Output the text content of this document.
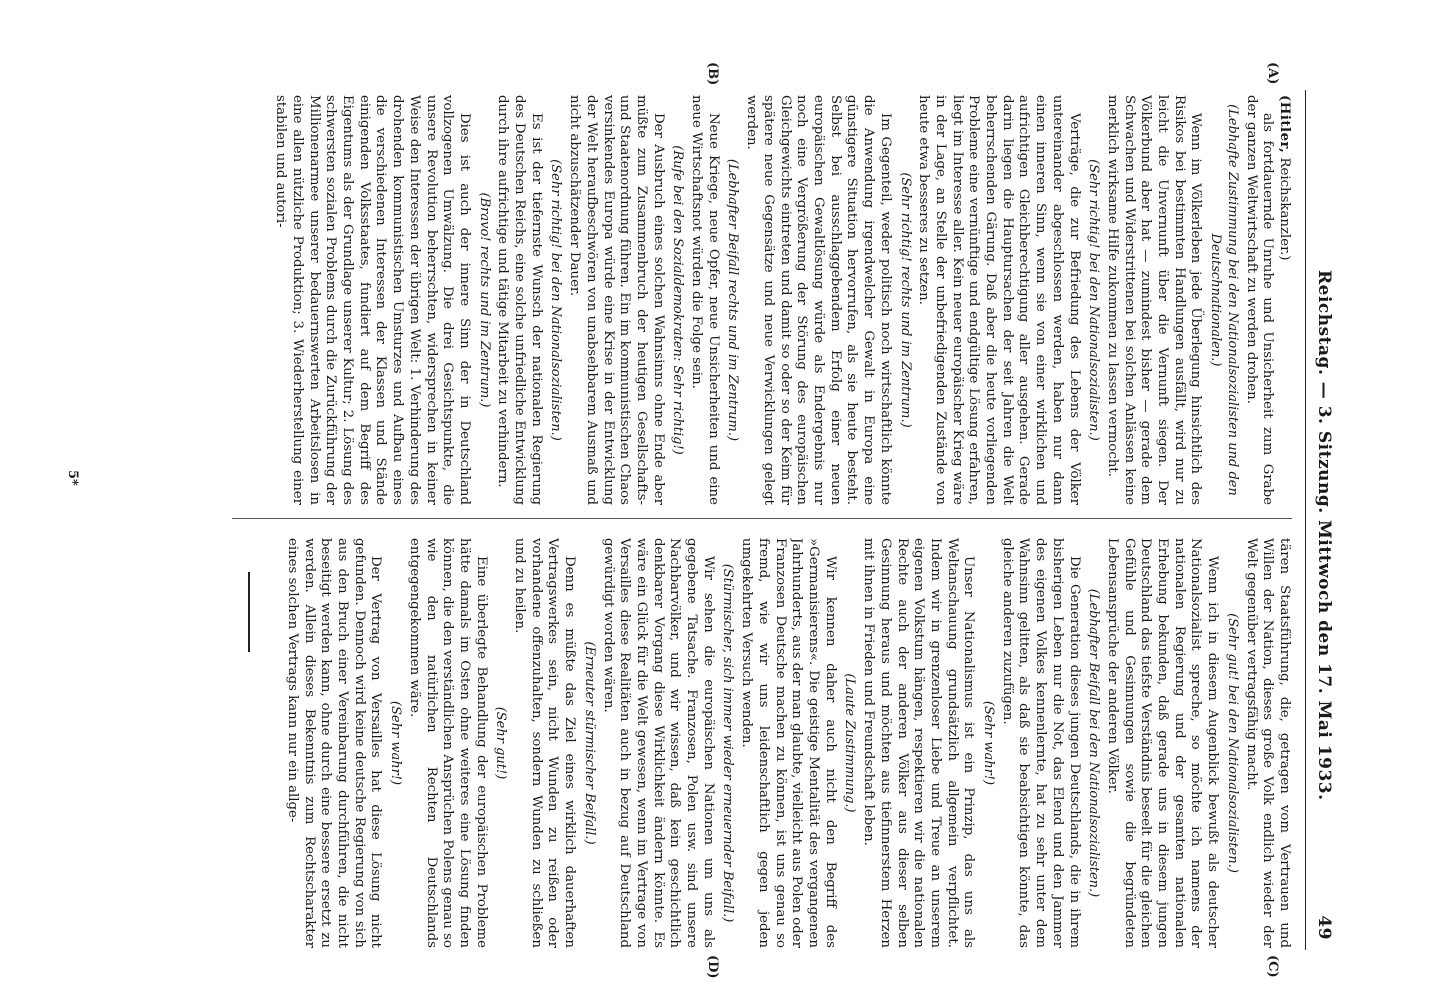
Reichstag. — 3. Sitzung. Mittwoch den 17. Mai 1933.
49
(A)
(B)
(C)
(D)

(Hitler, Reichskanzler.)

als fortdauernde Unruhe und Unsicherheit zum Grabe der ganzen Weltwirtschaft zu werden drohen.

(Lebhafte Zustimmung bei den Nationalsozialisten und den Deutschnationalen.)

Wenn im Völkerleben jede Überlegung hinsichtlich des Risikos bei bestimmten Handlungen ausfällt, wird nur zu leicht die Unvernunft über die Vernunft siegen. Der Völkerbund aber hat — zumindest bisher — gerade dem Schwachen und Widerstrittenen bei solchen Anlässen keine merklich wirksame Hilfe zukommen zu lassen vermocht.

(Sehr richtig! bei den Nationalsozialisten.)

Verträge, die zur Befriedung des Lebens der Völker untereinander abgeschlossen werden, haben nur dann einen inneren Sinn, wenn sie von einer wirklichen und aufrichtigen Gleichberechtigung aller ausgehen. Gerade darin liegen die Hauptursachen der seit Jahren die Welt beherrschenden Gärung. Daß aber die heute vorliegenden Probleme eine vernünftige und endgültige Lösung erfahren, liegt im Interesse aller. Kein neuer europäischer Krieg wäre in der Lage, an Stelle der unbefriedigenden Zustände von heute etwa besseres zu setzen.

(Sehr richtig! rechts und im Zentrum.)

Im Gegenteil, weder politisch noch wirtschaftlich könnte die Anwendung irgendwelcher Gewalt in Europa eine günstigere Situation hervorrufen, als sie heute besteht. Selbst bei ausschlaggebendem Erfolg einer neuen europäischen Gewaltlösung würde als Endergebnis nur noch eine Vergrößerung der Störung des europäischen Gleichgewichts eintreten und damit so oder so der Keim für spätere neue Gegensätze und neue Verwicklungen gelegt werden.

(Lebhafter Beifall rechts und im Zentrum.)

Neue Kriege, neue Opfer, neue Unsicherheiten und eine neue Wirtschaftsnot würden die Folge sein.

(Rufe bei den Sozialdemokraten: Sehr richtig!)

Der Ausbruch eines solchen Wahnsinns ohne Ende aber müßte zum Zusammenbruch der heutigen Gesellschafts- und Staatenordnung führen. Ein im kommunistischen Chaos versinkendes Europa würde eine Krise in der Entwicklung der Welt heraufbeschwören von unabsehbarem Ausmaß und nicht abzuschätzender Dauer.

(Sehr richtig! bei den Nationalsozialisten.)

Es ist der tiefernste Wunsch der nationalen Regierung des Deutschen Reichs, eine solche unfriedliche Entwicklung durch ihre aufrichtige und tätige Mitarbeit zu verhindern.

(Bravo! rechts und im Zentrum.)

Dies ist auch der innere Sinn der in Deutschland vollzogenen Umwälzung. Die drei Gesichtspunkte, die unsere Revolution beherrschten, widersprechen in keiner Weise den Interessen der übrigen Welt: 1. Verhinderung des drohenden kommunistischen Umsturzes und Aufbau eines die verschiedenen Interessen der Klassen und Stände einigenden Volksstaates, fundiert auf dem Begriff des Eigentums als der Grundlage unserer Kultur; 2. Lösung des schwersten sozialen Problems durch die Zurückführung der Millionenarmee unserer bedauernswerten Arbeitslosen in eine allen nützliche Produktion; 3. Wiederherstellung einer stabilen und autori-

tären Staatsführung, die, getragen vom Vertrauen und Willen der Nation, dieses große Volk endlich wieder der Welt gegenüber vertragsfähig macht.

(Sehr gut! bei den Nationalsozialisten.)

Wenn ich in diesem Augenblick bewußt als deutscher Nationalsozialist spreche, so möchte ich namens der nationalen Regierung und der gesamten nationalen Erhebung bekunden, daß gerade uns in diesem jungen Deutschland das tiefste Verständnis beseelt für die gleichen Gefühle und Gesinnungen sowie die begründeten Lebensansprüche der anderen Völker.

(Lebhafter Beifall bei den Nationalsozialisten.)

Die Generation dieses jungen Deutschlands, die in ihrem bisherigen Leben nur die Not, das Elend und den Jammer des eigenen Volkes kennenlernte, hat zu sehr unter dem Wahnsinn gelitten, als daß sie beabsichtigen könnte, das gleiche anderen zuzufügen.

(Sehr wahr!)

Unser Nationalismus ist ein Prinzip, das uns als Weltanschauung grundsätzlich allgemein verpflichtet. Indem wir in grenzenloser Liebe und Treue an unserem eigenen Volkstum hängen, respektieren wir die nationalen Rechte auch der anderen Völker aus dieser selben Gesinnung heraus und möchten aus tiefinnerstem Herzen mit ihnen in Frieden und Freundschaft leben.

(Laute Zustimmung.)

Wir kennen daher auch nicht den Begriff des »Germanisierens«. Die geistige Mentalität des vergangenen Jahrhunderts, aus der man glaubte, vielleicht aus Polen oder Franzosen Deutsche machen zu können, ist uns genau so fremd, wie wir uns leidenschaftlich gegen jeden umgekehrten Versuch wenden.

(Stürmischer, sich immer wieder erneuernder Beifall.)

Wir sehen die europäischen Nationen um uns als gegebene Tatsache. Franzosen, Polen usw. sind unsere Nachbarvölker, und wir wissen, daß kein geschichtlich denkbarer Vorgang diese Wirklichkeit ändern könnte. Es wäre ein Glück für die Welt gewesen, wenn im Vertrage von Versailles diese Realitäten auch in bezug auf Deutschland gewürdigt worden wären.

(Erneuter stürmischer Beifall.)

Denn es müßte das Ziel eines wirklich dauerhaften Vertragswerkes sein, nicht Wunden zu reißen oder vorhandene offenzuhalten, sondern Wunden zu schließen und zu heilen.

(Sehr gut!)

Eine überlegte Behandlung der europäischen Probleme hätte damals im Osten ohne weiteres eine Lösung finden können, die den verständlichen Ansprüchen Polens genau so wie den natürlichen Rechten Deutschlands entgegengekommen wäre.

(Sehr wahr!)

Der Vertrag von Versailles hat diese Lösung nicht gefunden. Dennoch wird keine deutsche Regierung von sich aus den Bruch einer Vereinbarung durchführen, die nicht beseitigt werden kann, ohne durch eine bessere ersetzt zu werden. Allein dieses Bekenntnis zum Rechtscharakter eines solchen Vertrags kann nur ein allge-

5*
